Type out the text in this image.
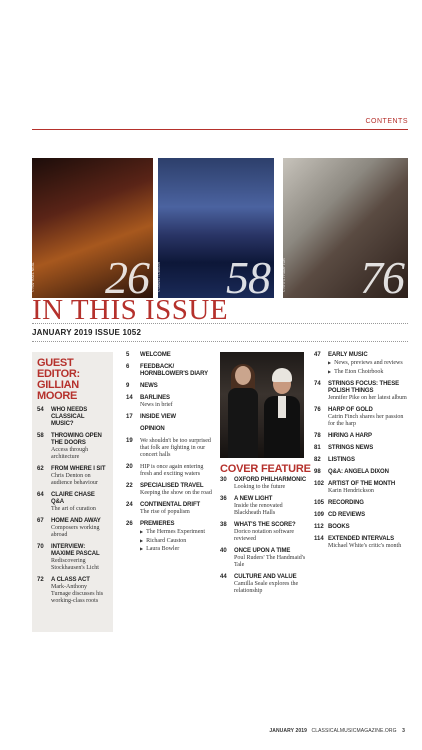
CONTENTS
© RAPHAEL NEAL 26 © DAVID TOBIASH 58	© RHYS FRAMPTON 76
IN THIS ISSUE
JANUARY 2019 ISSUE 1052
GUEST EDITOR: GILLIAN MOORE
54	WHO NEEDS CLASSICAL MUSIC?
58	THROWING OPEN THE DOORS
Access through architecture
62	FROM WHERE I SIT
Chris Denton on audience behaviour
64	CLAIRE CHASE Q&A
The art of curation
67	HOME AND AWAY
Composers working abroad
70	INTERVIEW: MAXIME PASCAL
Rediscovering Stockhausen's Licht
72	A CLASS ACT
Mark-Anthony Turnage discusses his working-class roots
5	WELCOME
6	FEEDBACK/ HORNBLOWER'S DIARY
9	NEWS
14	BARLINES
News in brief
17	INSIDE VIEW
OPINION
19	We shouldn't be too surprised that folk are fighting in our concert halls
20	HIP is once again entering fresh and exciting waters
22	SPECIALISED TRAVEL
Keeping the show on the road
24	CONTINENTAL DRIFT
The rise of populism
26	PREMIERES
▶ The Hermes Experiment
▶ Richard Causton
▶ Laura Bowler
COVER FEATURE
30	OXFORD PHILHARMONIC
Looking to the future
36	A NEW LIGHT
Inside the renovated Blackheath Halls
38	WHAT'S THE SCORE?
Dorico notation software reviewed
40	ONCE UPON A TIME
Poul Ruders' The Handmaid's Tale
44	CULTURE AND VALUE
Camilla Seale explores the relationship
47	EARLY MUSIC
▶ News, previews and reviews
▶ The Eton Choirbook
74	STRINGS FOCUS: THESE POLISH THINGS
Jennifer Pike on her latest album
76	HARP OF GOLD
Catrin Finch shares her passion for the harp
78	HIRING A HARP
81	STRINGS NEWS
82	LISTINGS
98	Q&A: ANGELA DIXON
102 ARTIST OF THE MONTH
Karin Hendrickson
105 RECORDING
109 CD REVIEWS
112 BOOKS
114 EXTENDED INTERVALS
Michael White's critic's month
JANUARY 2019 CLASSICALMUSICMAGAZINE.ORG 3
